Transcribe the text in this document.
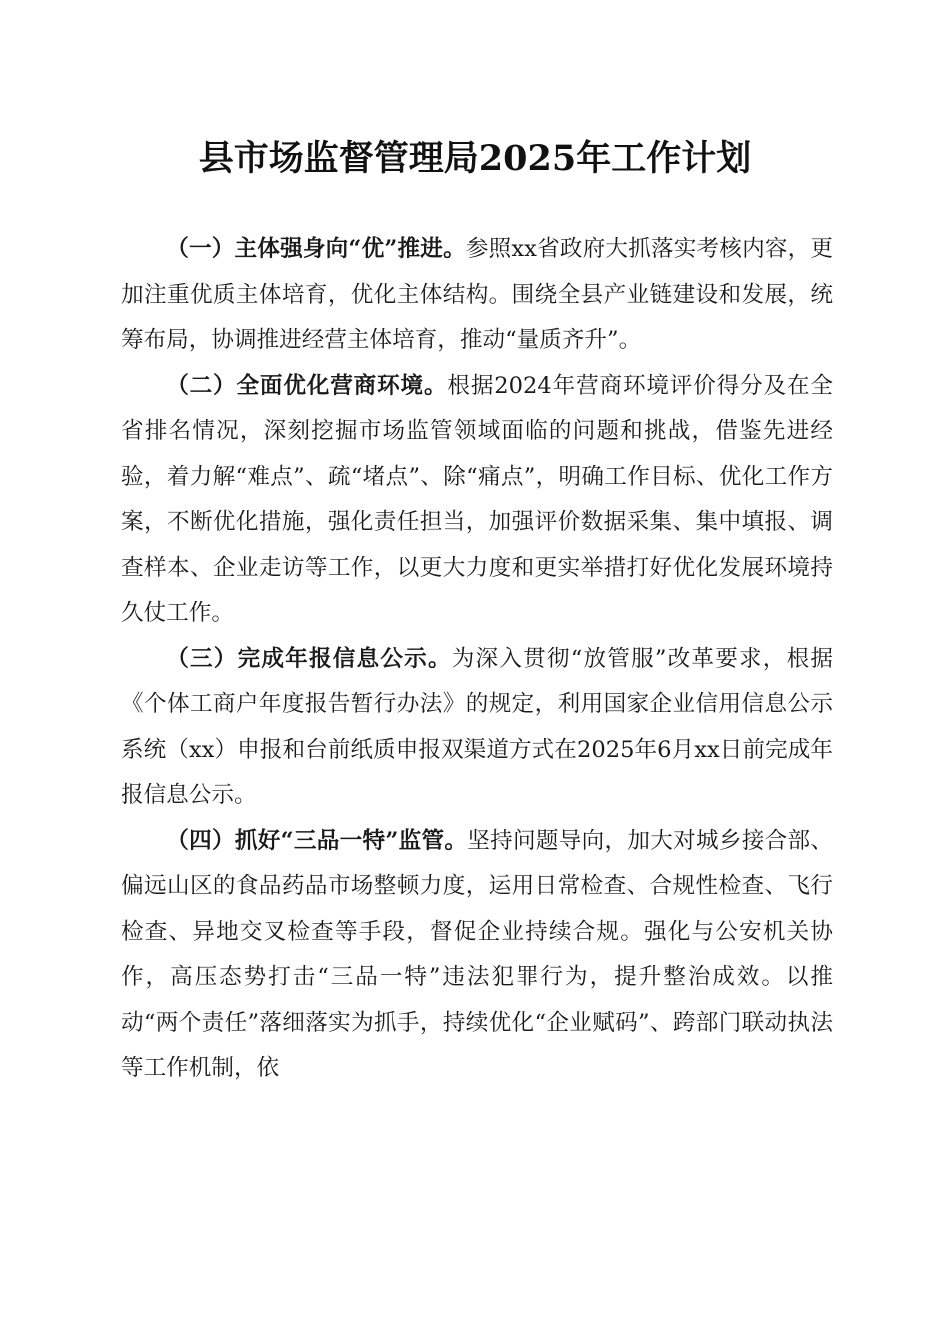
县市场监督管理局2025年工作计划

（一）主体强身向“优”推进。参照xx省政府大抓落实考核内容，更加注重优质主体培育，优化主体结构。围绕全县产业链建设和发展，统筹布局，协调推进经营主体培育，推动“量质齐升”。

（二）全面优化营商环境。根据2024年营商环境评价得分及在全省排名情况，深刻挖掘市场监管领域面临的问题和挑战，借鉴先进经验，着力解“难点”、疏“堵点”、除“痛点”，明确工作目标、优化工作方案，不断优化措施，强化责任担当，加强评价数据采集、集中填报、调查样本、企业走访等工作，以更大力度和更实举措打好优化发展环境持久仗工作。

（三）完成年报信息公示。为深入贯彻“放管服”改革要求，根据《个体工商户年度报告暂行办法》的规定，利用国家企业信用信息公示系统（xx）申报和台前纸质申报双渠道方式在2025年6月xx日前完成年报信息公示。

（四）抓好“三品一特”监管。坚持问题导向，加大对城乡接合部、偏远山区的食品药品市场整顿力度，运用日常检查、合规性检查、飞行检查、异地交叉检查等手段，督促企业持续合规。强化与公安机关协作，高压态势打击“三品一特”违法犯罪行为，提升整治成效。以推动“两个责任”落细落实为抓手，持续优化“企业赋码”、跨部门联动执法等工作机制，依
